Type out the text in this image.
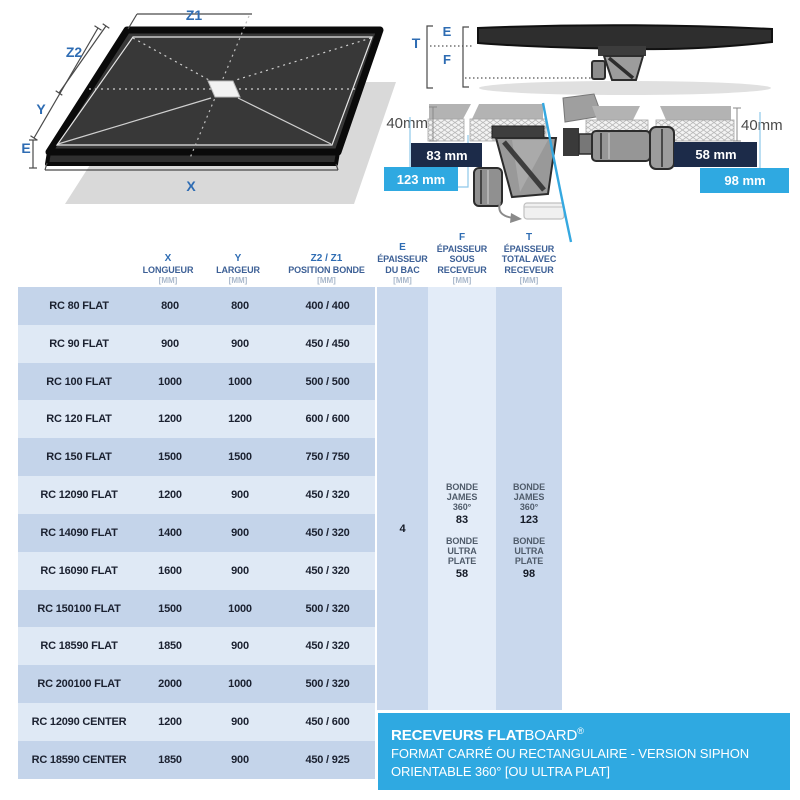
Z1
Z2
Y
E
X
T
E
F
40mm
83 mm
123 mm
40mm
58 mm
98 mm
X
LONGUEUR
[MM]
Y
LARGEUR
[MM]
Z2 / Z1
POSITION BONDE
[MM]
E
ÉPAISSEUR
DU BAC
[MM]
F
ÉPAISSEUR
SOUS
RECEVEUR
[MM]
T
ÉPAISSEUR
TOTAL AVEC
RECEVEUR
[MM]
RC 80 FLAT	800	800	400 / 400
RC 90 FLAT	900	900	450 / 450
RC 100 FLAT	1000	1000	500 / 500
RC 120 FLAT	1200	1200	600 / 600
RC 150 FLAT	1500	1500	750 / 750
RC 12090 FLAT	1200	900	450 / 320
RC 14090 FLAT	1400	900	450 / 320
RC 16090 FLAT	1600	900	450 / 320
RC 150100 FLAT	1500	1000	500 / 320
RC 18590 FLAT	1850	900	450 / 320
RC 200100 FLAT	2000	1000	500 / 320
RC 12090 CENTER	1200	900	450 / 600
RC 18590 CENTER	1850	900	450 / 925
4
BONDE
JAMES
360°
83
BONDE
ULTRA
PLATE
58
BONDE
JAMES
360°
123
BONDE
ULTRA
PLATE
98
RECEVEURS FLATBOARD®
FORMAT CARRÉ OU RECTANGULAIRE - VERSION SIPHON
ORIENTABLE 360° [OU ULTRA PLAT]
